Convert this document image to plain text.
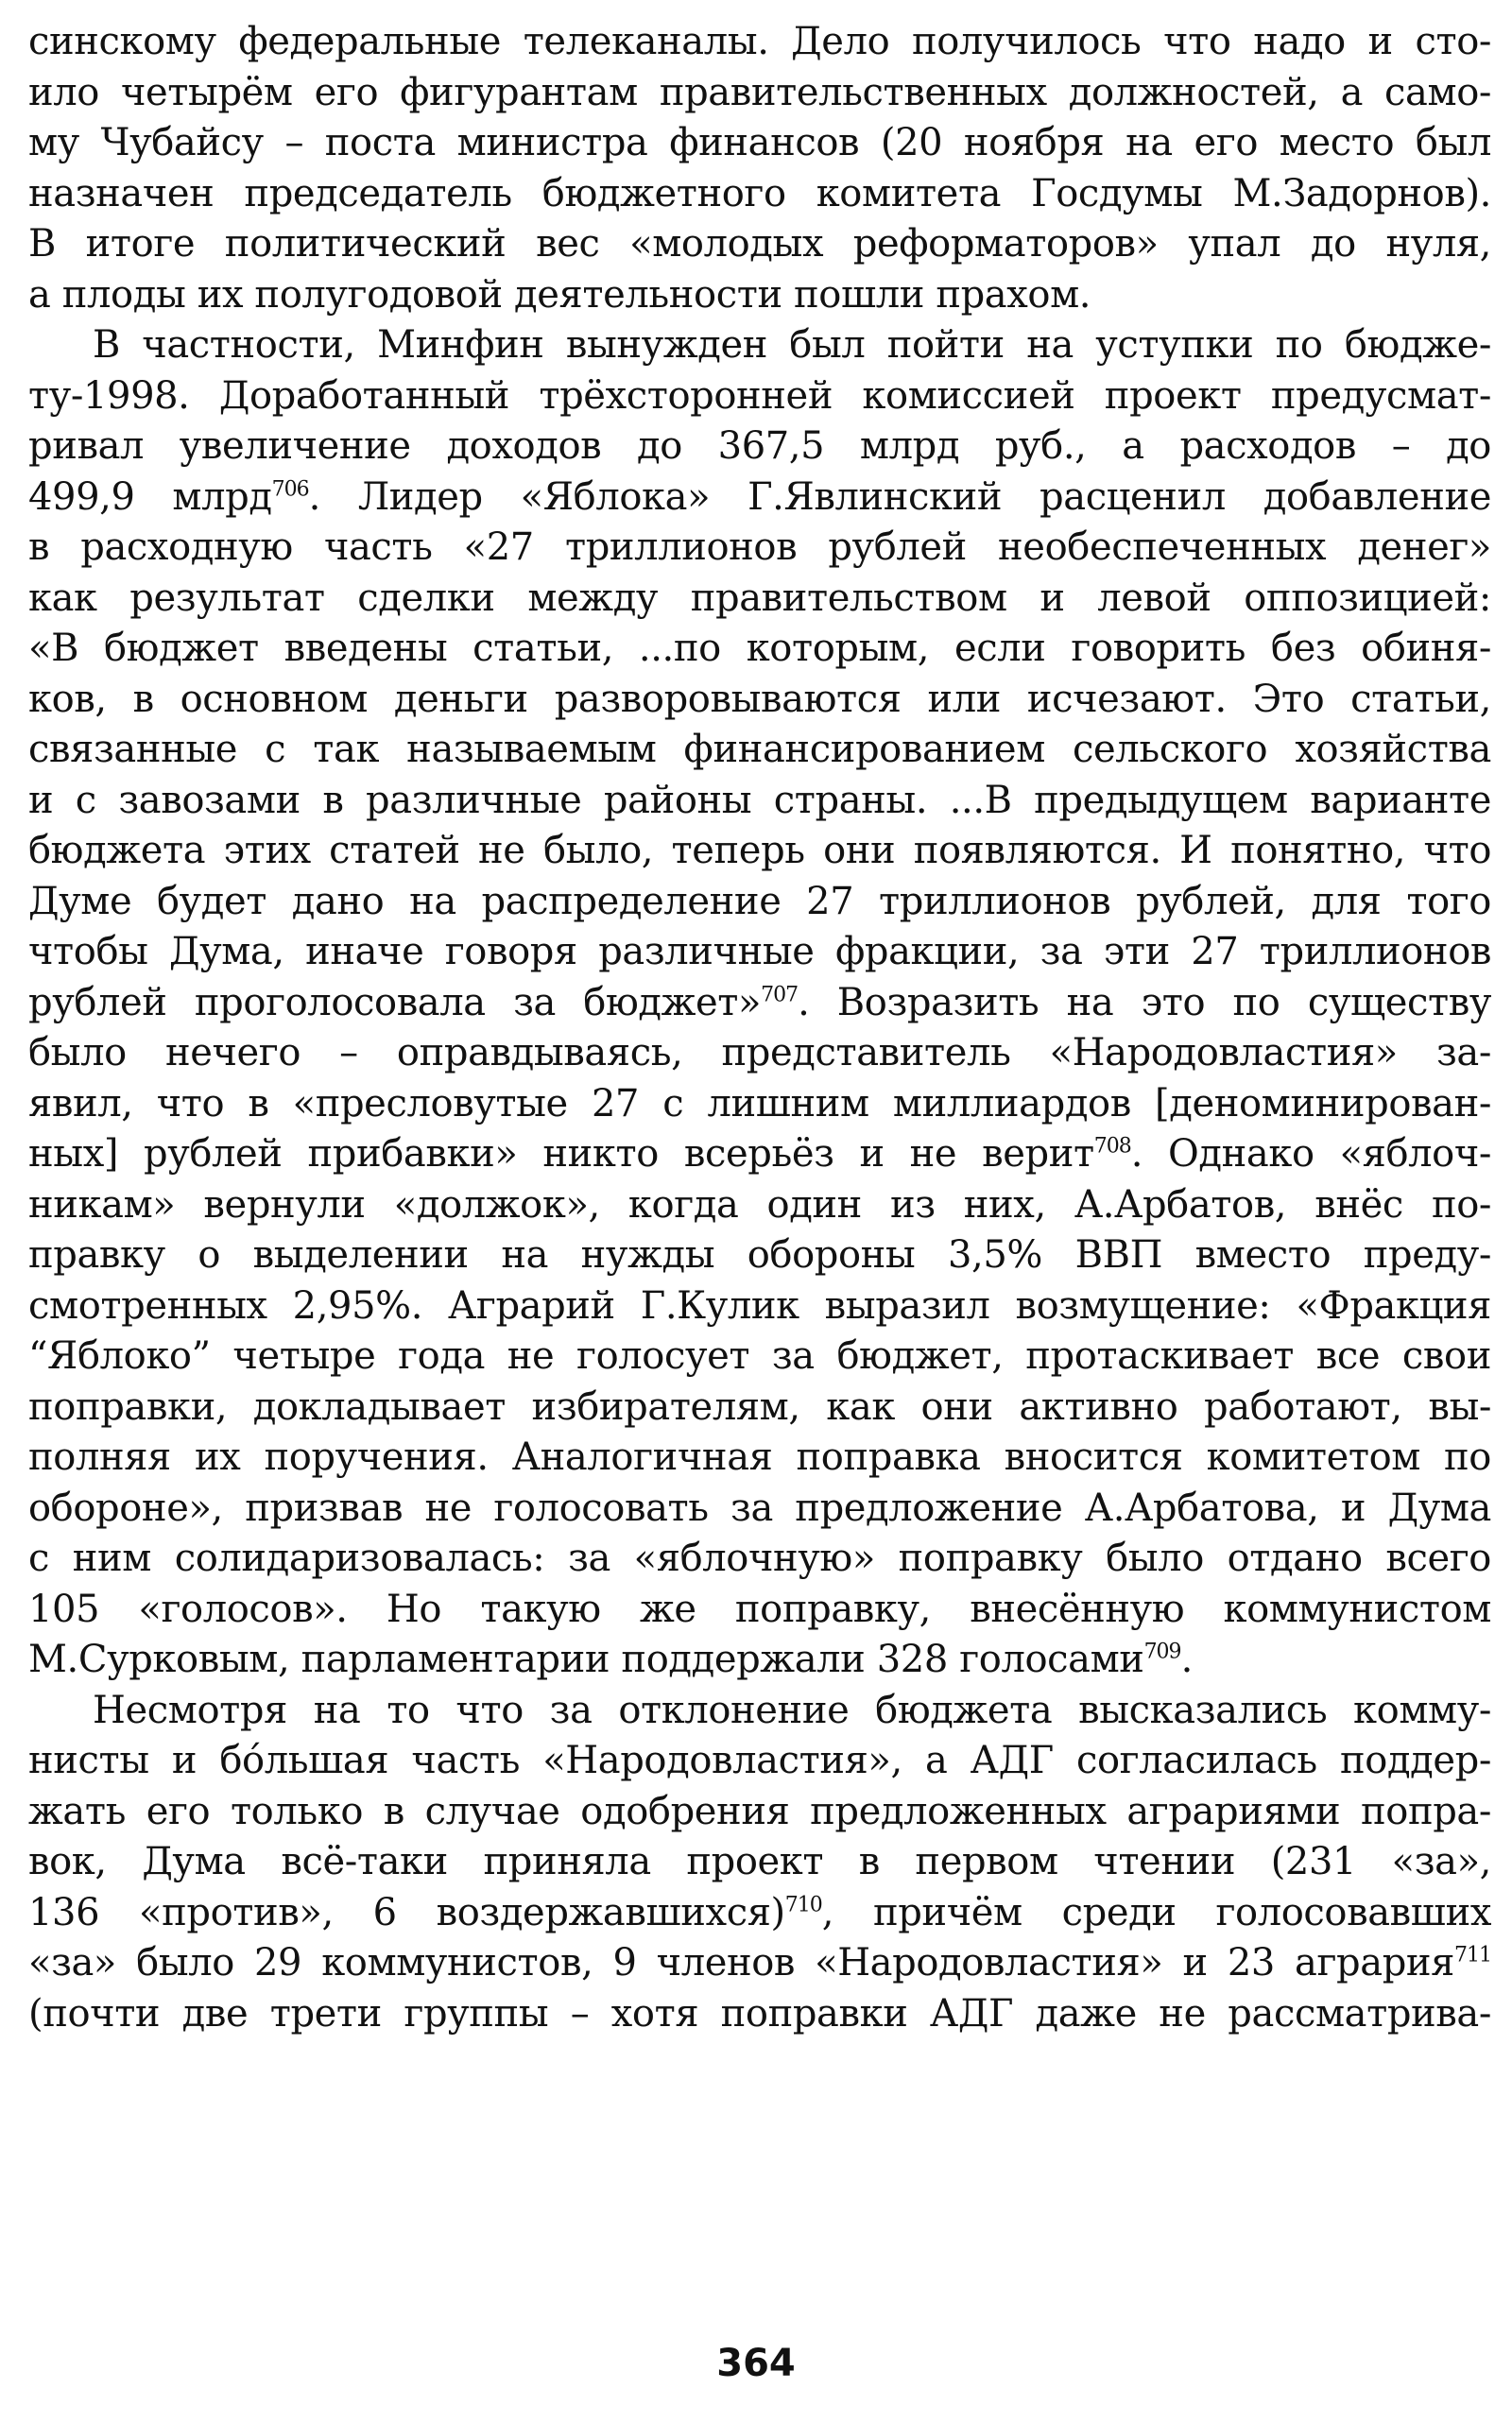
синскому федеральные телеканалы. Дело получилось что надо и сто-
ило четырём его фигурантам правительственных должностей, а само-
му Чубайсу – поста министра финансов (20 ноября на его место был
назначен председатель бюджетного комитета Госдумы М.Задорнов).
В итоге политический вес «молодых реформаторов» упал до нуля,
а плоды их полугодовой деятельности пошли прахом.
В частности, Минфин вынужден был пойти на уступки по бюдже-
ту-1998. Доработанный трёхсторонней комиссией проект предусмат-
ривал увеличение доходов до 367,5 млрд руб., а расходов – до
499,9 млрд$^{706}$. Лидер «Яблока» Г.Явлинский расценил добавление
в расходную часть «27 триллионов рублей необеспеченных денег»
как результат сделки между правительством и левой оппозицией:
«В бюджет введены статьи, ...по которым, если говорить без обиня-
ков, в основном деньги разворовываются или исчезают. Это статьи,
связанные с так называемым финансированием сельского хозяйства
и с завозами в различные районы страны. ...В предыдущем варианте
бюджета этих статей не было, теперь они появляются. И понятно, что
Думе будет дано на распределение 27 триллионов рублей, для того
чтобы Дума, иначе говоря различные фракции, за эти 27 триллионов
рублей проголосовала за бюджет»$^{707}$. Возразить на это по существу
было нечего – оправдываясь, представитель «Народовластия» за-
явил, что в «пресловутые 27 с лишним миллиардов [деноминирован-
ных] рублей прибавки» никто всерьёз и не верит$^{708}$. Однако «яблоч-
никам» вернули «должок», когда один из них, А.Арбатов, внёс по-
правку о выделении на нужды обороны 3,5% ВВП вместо преду-
смотренных 2,95%. Аграрий Г.Кулик выразил возмущение: «Фракция
“Яблоко” четыре года не голосует за бюджет, протаскивает все свои
поправки, докладывает избирателям, как они активно работают, вы-
полняя их поручения. Аналогичная поправка вносится комитетом по
обороне», призвав не голосовать за предложение А.Арбатова, и Дума
с ним солидаризовалась: за «яблочную» поправку было отдано всего
105 «голосов». Но такую же поправку, внесённую коммунистом
М.Сурковым, парламентарии поддержали 328 голосами$^{709}$.
Несмотря на то что за отклонение бюджета высказались комму-
нисты и бóльшая часть «Народовластия», а АДГ согласилась поддер-
жать его только в случае одобрения предложенных аграриями попра-
вок, Дума всё-таки приняла проект в первом чтении (231 «за»,
136 «против», 6 воздержавшихся)$^{710}$, причём среди голосовавших
«за» было 29 коммунистов, 9 членов «Народовластия» и 23 агрария$^{711}$
(почти две трети группы – хотя поправки АДГ даже не рассматрива-
364
